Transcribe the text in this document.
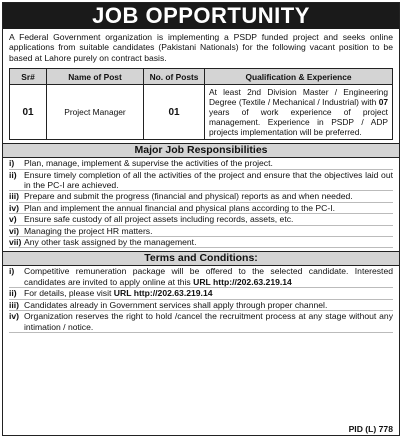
JOB OPPORTUNITY
A Federal Government organization is implementing a PSDP funded project and seeks online applications from suitable candidates (Pakistani Nationals) for the following vacant position to be based at Lahore purely on contract basis.
Sr#	Name of Post	No. of Posts	Qualification & Experience
01	Project Manager	01	At least 2nd Division Master / Engineering Degree (Textile / Mechanical / Industrial) with 07 years of work experience of project management. Experience in PSDP / ADP projects implementation will be preferred.
Major Job Responsibilities
i)	Plan, manage, implement & supervise the activities of the project.
ii) Ensure timely completion of all the activities of the project and ensure that the objectives laid out in the PC-I are achieved.
iii) Prepare and submit the progress (financial and physical) reports as and when needed.
iv) Plan and implement the annual financial and physical plans according to the PC-I.
v) Ensure safe custody of all project assets including records, assets, etc.
vi) Managing the project HR matters.
vii) Any other task assigned by the management.
Terms and Conditions:
i)	Competitive remuneration package will be offered to the selected candidate. Interested candidates are invited to apply online at this URL http://202.63.219.14
ii) For details, please visit URL http://202.63.219.14
iii) Candidates already in Government services shall apply through proper channel.
iv) Organization reserves the right to hold /cancel the recruitment process at any stage without any intimation / notice.
PID (L) 778
